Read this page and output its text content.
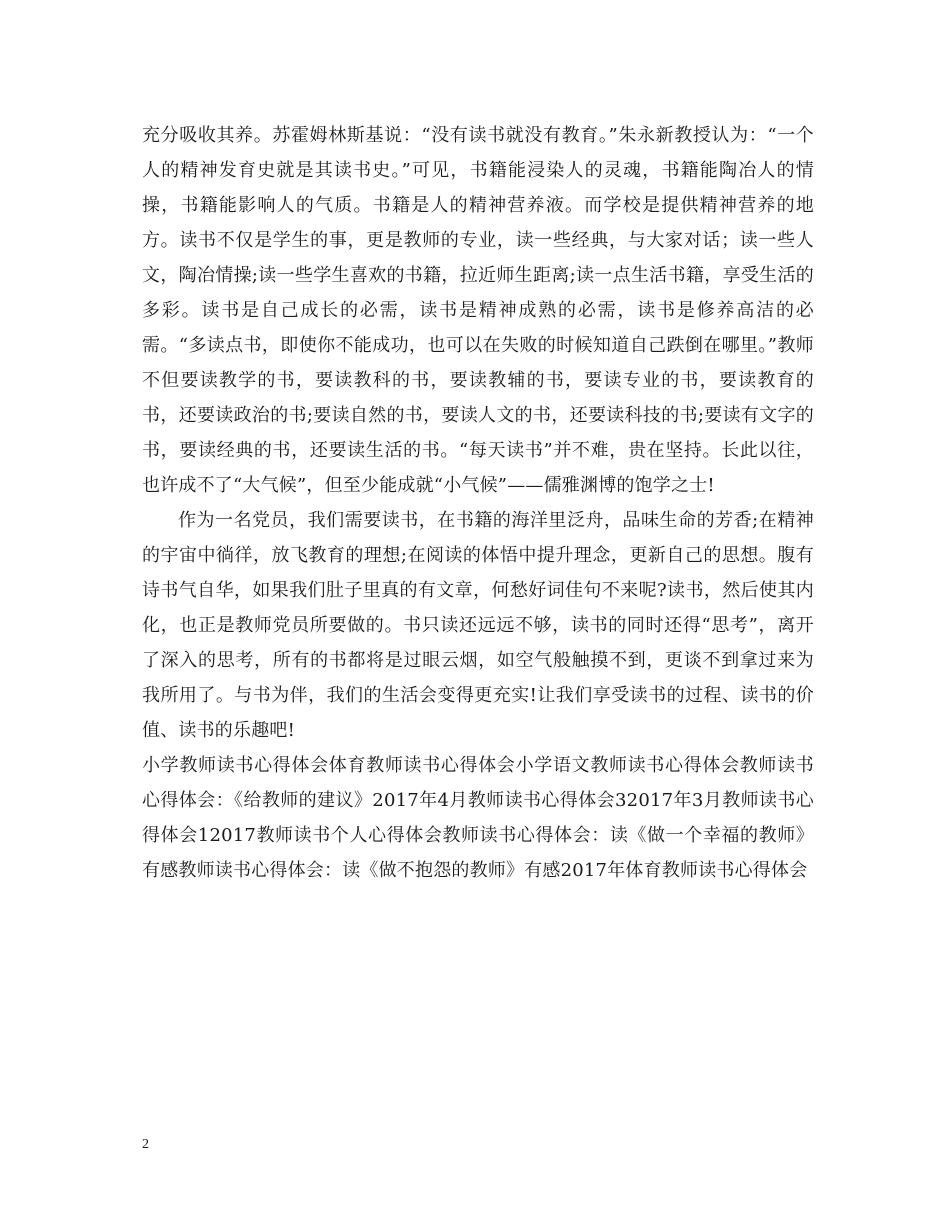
充分吸收其养。苏霍姆林斯基说：“没有读书就没有教育。”朱永新教授认为：“一个人的精神发育史就是其读书史。”可见，书籍能浸染人的灵魂，书籍能陶冶人的情操，书籍能影响人的气质。书籍是人的精神营养液。而学校是提供精神营养的地方。读书不仅是学生的事，更是教师的专业，读一些经典，与大家对话；读一些人文，陶冶情操;读一些学生喜欢的书籍，拉近师生距离;读一点生活书籍，享受生活的多彩。读书是自己成长的必需，读书是精神成熟的必需，读书是修养高洁的必需。“多读点书，即使你不能成功，也可以在失败的时候知道自己跌倒在哪里。”教师不但要读教学的书，要读教科的书，要读教辅的书，要读专业的书，要读教育的书，还要读政治的书;要读自然的书，要读人文的书，还要读科技的书;要读有文字的书，要读经典的书，还要读生活的书。“每天读书”并不难，贵在坚持。长此以往，也许成不了“大气候”，但至少能成就“小气候”——儒雅渊博的饱学之士!

作为一名党员，我们需要读书，在书籍的海洋里泛舟，品味生命的芳香;在精神的宇宙中徜徉，放飞教育的理想;在阅读的体悟中提升理念，更新自己的思想。腹有诗书气自华，如果我们肚子里真的有文章，何愁好词佳句不来呢?读书，然后使其内化，也正是教师党员所要做的。书只读还远远不够，读书的同时还得“思考”，离开了深入的思考，所有的书都将是过眼云烟，如空气般触摸不到，更谈不到拿过来为我所用了。与书为伴，我们的生活会变得更充实!让我们享受读书的过程、读书的价值、读书的乐趣吧!

小学教师读书心得体会体育教师读书心得体会小学语文教师读书心得体会教师读书心得体会：《给教师的建议》2017年4月教师读书心得体会32017年3月教师读书心得体会12017教师读书个人心得体会教师读书心得体会：读《做一个幸福的教师》有感教师读书心得体会：读《做不抱怨的教师》有感2017年体育教师读书心得体会

2
